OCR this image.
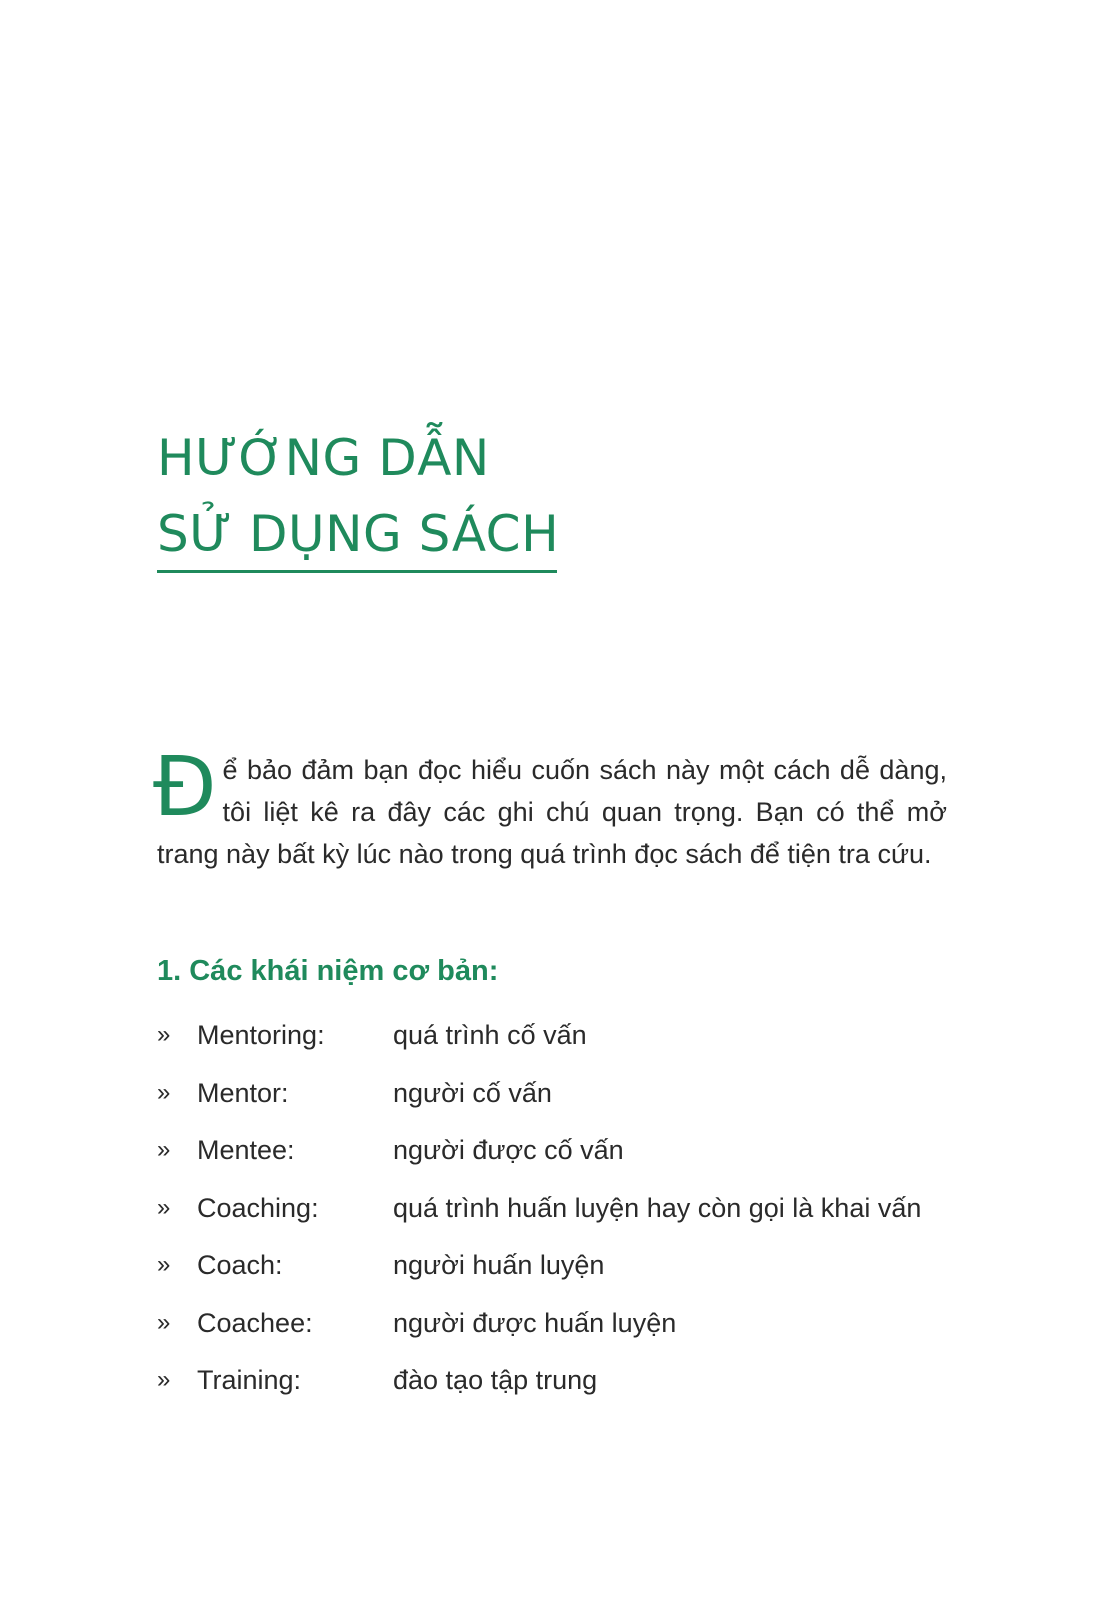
HƯỚNG DẪN
SỬ DỤNG SÁCH

Để bảo đảm bạn đọc hiểu cuốn sách này một cách dễ dàng, tôi liệt kê ra đây các ghi chú quan trọng. Bạn có thể mở trang này bất kỳ lúc nào trong quá trình đọc sách để tiện tra cứu.

1. Các khái niệm cơ bản:
» Mentoring:	quá trình cố vấn
» Mentor:	người cố vấn
» Mentee:	người được cố vấn
» Coaching:	quá trình huấn luyện hay còn gọi là khai vấn
» Coach:	người huấn luyện
» Coachee:	người được huấn luyện
» Training:	đào tạo tập trung
